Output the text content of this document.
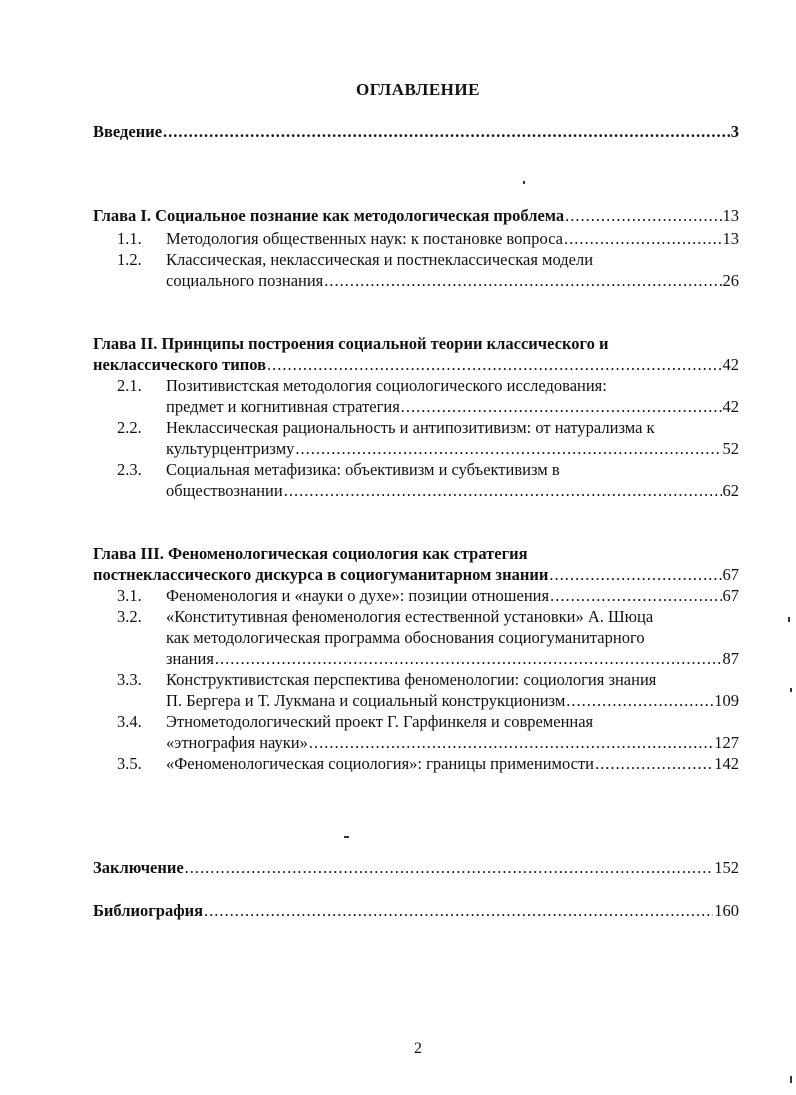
ОГЛАВЛЕНИЕ
Введение .....	3
Глава I. Социальное познание как методологическая проблема .....	13
1.1. Методология общественных наук: к постановке вопроса .....	13
1.2. Классическая, неклассическая и постнеклассическая модели
социального познания .....	26
Глава II. Принципы построения социальной теории классического и
неклассического типов .....	42
2.1. Позитивистская методология социологического исследования:
предмет и когнитивная стратегия .....	42
2.2. Неклассическая рациональность и антипозитивизм: от натурализма к
культурцентризму .....	52
2.3. Социальная метафизика: объективизм и субъективизм в
обществознании .....	62
Глава III. Феноменологическая социология как стратегия
постнеклассического дискурса в социогуманитарном знании .....	67
3.1. Феноменология и «науки о духе»: позиции отношения .....	67
3.2. «Конститутивная феноменология естественной установки» А. Шюца
как методологическая программа обоснования социогуманитарного
знания .....	87
3.3. Конструктивистская перспектива феноменологии: социология знания
П. Бергера и Т. Лукмана и социальный конструкционизм .....	109
3.4. Этнометодологический проект Г. Гарфинкеля и современная
«этнография науки» .....	127
3.5. «Феноменологическая социология»: границы применимости .....	142
Заключение .....	152
Библиография .....	160
2
